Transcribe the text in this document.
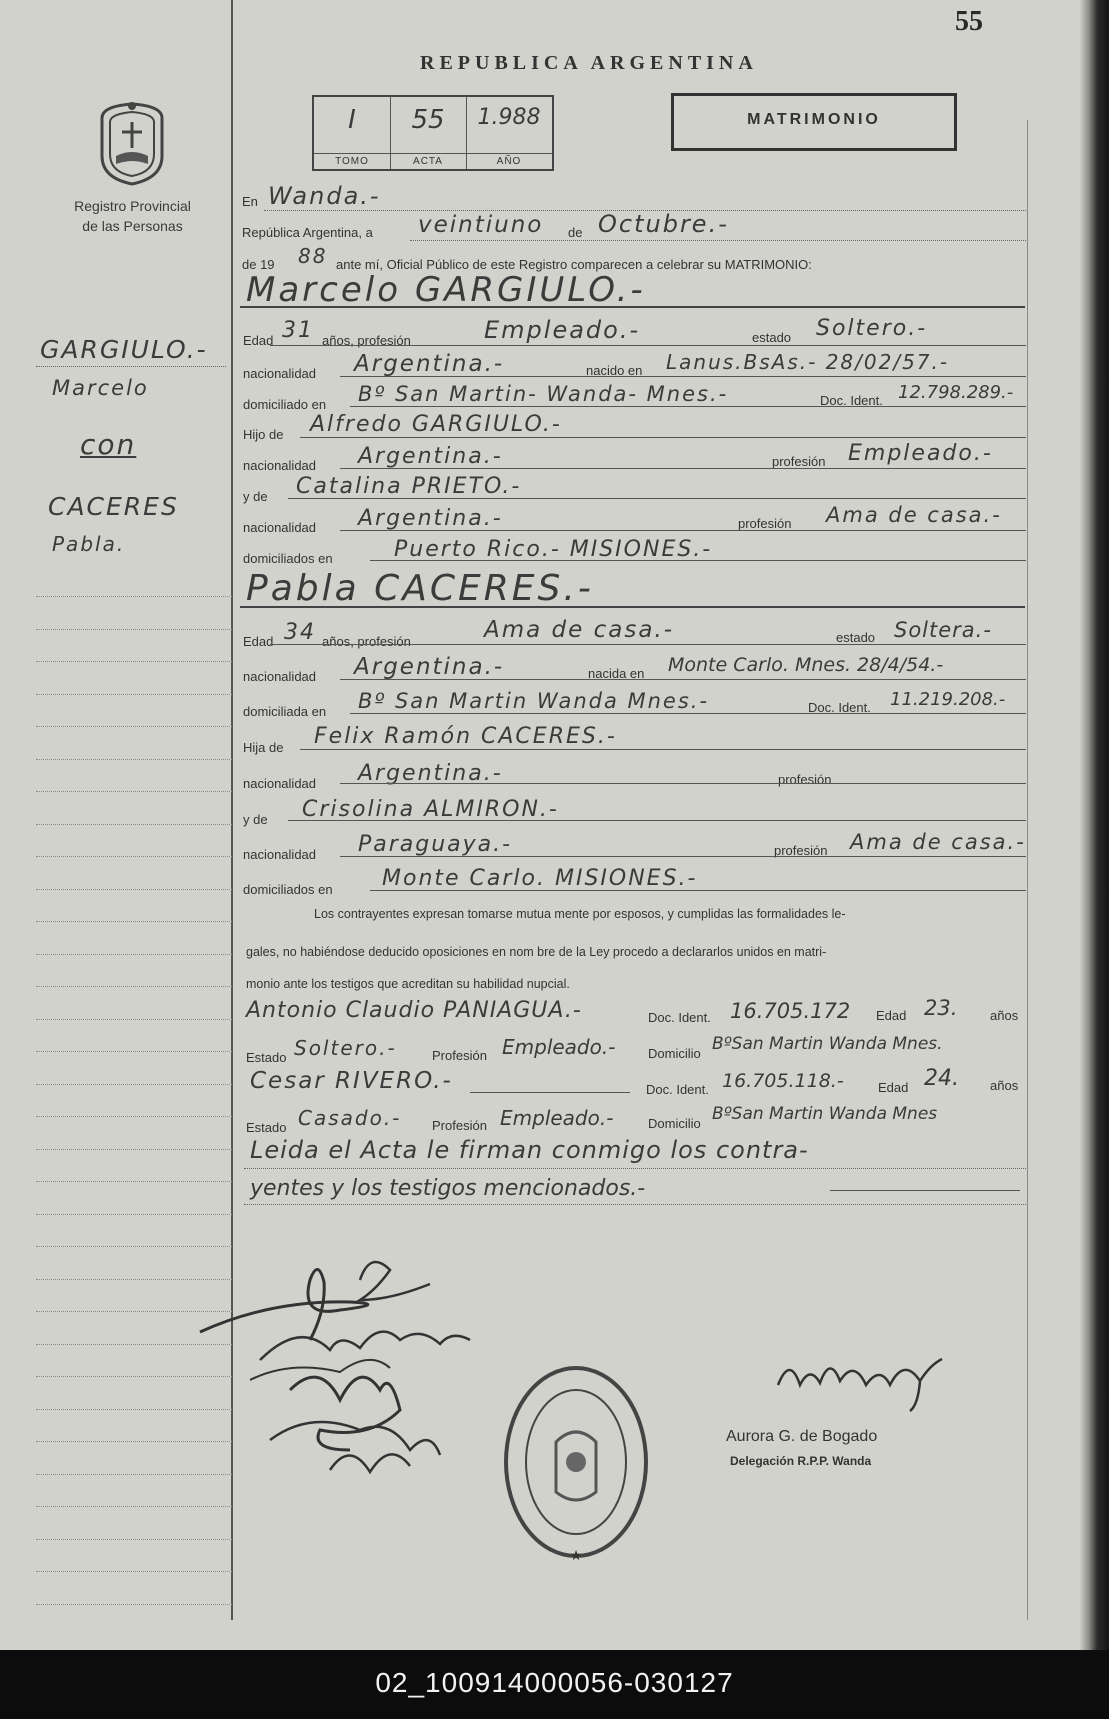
Registro Provincial
de las Personas
GARGIULO.-
Marcelo
con
CACERES
Pabla.
55
REPUBLICA ARGENTINA
I
TOMO
55
ACTA
1.988
AÑO
MATRIMONIO
En Wanda.-
República Argentina, a veintiuno de Octubre.-
de 19 88 ante mí, Oficial Público de este Registro comparecen a celebrar su MATRIMONIO:
Marcelo GARGIULO.-
Edad 31 años, profesión	Empleado.-	estado Soltero.-
nacionalidad Argentina.-	nacido en Lanus.BsAs.- 28/02/57.-
domiciliado en Bº San Martin- Wanda- Mnes.-	Doc. Ident. 12.798.289.-
Hijo de Alfredo GARGIULO.-
nacionalidad Argentina.-	profesión Empleado.-
y de Catalina PRIETO.-
nacionalidad Argentina.-	profesión Ama de casa.-
domiciliados en	Puerto Rico.- MISIONES.-
Pabla CACERES.-
Edad 34 años, profesión	Ama de casa.-	estado Soltera.-
nacionalidad Argentina.-	nacida en Monte Carlo. Mnes. 28/4/54.-
domiciliada en Bº San Martin Wanda Mnes.-	Doc. Ident. 11.219.208.-
Hija de Felix Ramón CACERES.-
nacionalidad Argentina.-	profesión
y de Crisolina ALMIRON.-
nacionalidad Paraguaya.-	profesión Ama de casa.-
domiciliados en Monte Carlo. MISIONES.-
Los contrayentes expresan tomarse mutua mente por esposos, y cumplidas las formalidades le-
gales, no habiéndose deducido oposiciones en nom bre de la Ley procedo a declararlos unidos en matri-
monio ante los testigos que acreditan su habilidad nupcial.
Antonio Claudio PANIAGUA.-	Doc. Ident. 16.705.172 Edad 23.	años
Estado Soltero.-	Profesión Empleado.-	Domicilio BºSan Martin Wanda Mnes.
Cesar RIVERO.-	Doc. Ident. 16.705.118.-	Edad 24. años
Estado Casado.- Profesión Empleado.-	Domicilio BºSan Martin Wanda Mnes
Leida el Acta le firman conmigo los contra-
yentes y los testigos mencionados.-
★
Aurora G. de Bogado
Delegación R.P.P. Wanda
02_100914000056-030127
